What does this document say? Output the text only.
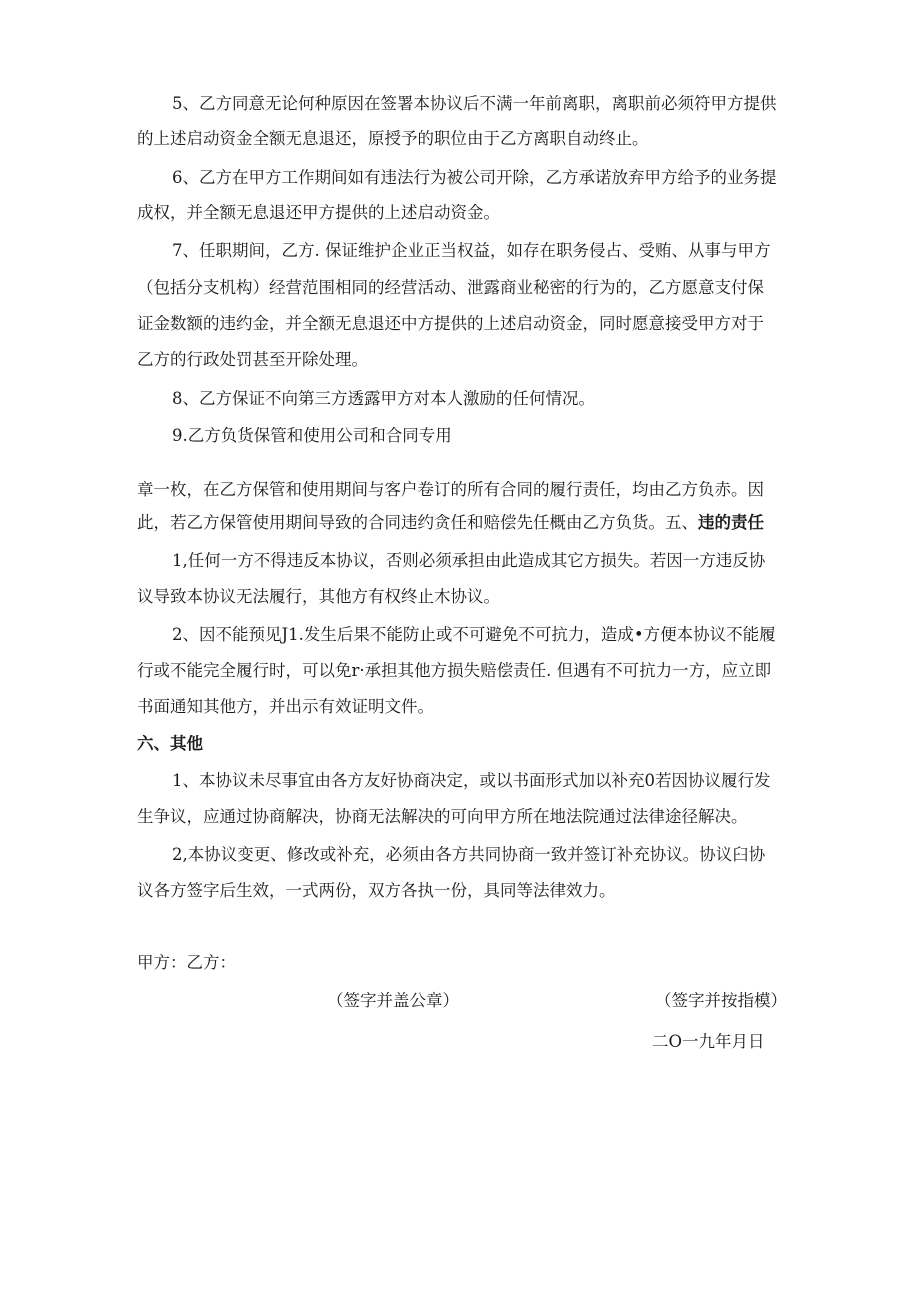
5、乙方同意无论何种原因在签署本协议后不满一年前离职，离职前必须符甲方提供
的上述启动资金全额无息退还，原授予的职位由于乙方离职自动终止。
6、乙方在甲方工作期间如有违法行为被公司开除，乙方承诺放弃甲方给予的业务提
成权，并全额无息退还甲方提供的上述启动资金。
7、任职期间，乙方. 保证维护企业正当权益，如存在职务侵占、受贿、从事与甲方
（包括分支机构）经营范围相同的经营活动、泄露商业秘密的行为的，乙方愿意支付保
证金数额的违约金，并全额无息退还中方提供的上述启动资金，同时愿意接受甲方对于
乙方的行政处罚甚至开除处理。
8、乙方保证不向第三方透露甲方对本人激励的任何情况。
9.乙方负货保管和使用公司和合同专用
章一枚，在乙方保管和使用期间与客户卷订的所有合同的履行责任，均由乙方负赤。因
此，若乙方保管使用期间导致的合同违约贪任和赔偿先任概由乙方负货。五、违的责任
1,任何一方不得违反本协议，否则必须承担由此造成其它方损失。若因一方违反协
议导致本协议无法履行，其他方有权终止木协议。
2、因不能预见J1.发生后果不能防止或不可避免不可抗力，造成•方便本协议不能履
行或不能完全履行时，可以免r·承担其他方损失赔偿责任. 但遇有不可抗力一方，应立即
书面通知其他方，并出示有效证明文件。
六、其他
1、本协议未尽事宜由各方友好协商决定，或以书面形式加以补充0若因协议履行发
生争议，应通过协商解决，协商无法解决的可向甲方所在地法院通过法律途径解决。
2,本协议变更、修改或补充，必须由各方共同协商一致并签订补充协议。协议臼协
议各方签字后生效，一式两份，双方各执一份，具同等法律效力。
甲方：乙方：
（签字并盖公章）	（签字并按指模）
二O一九年月日
